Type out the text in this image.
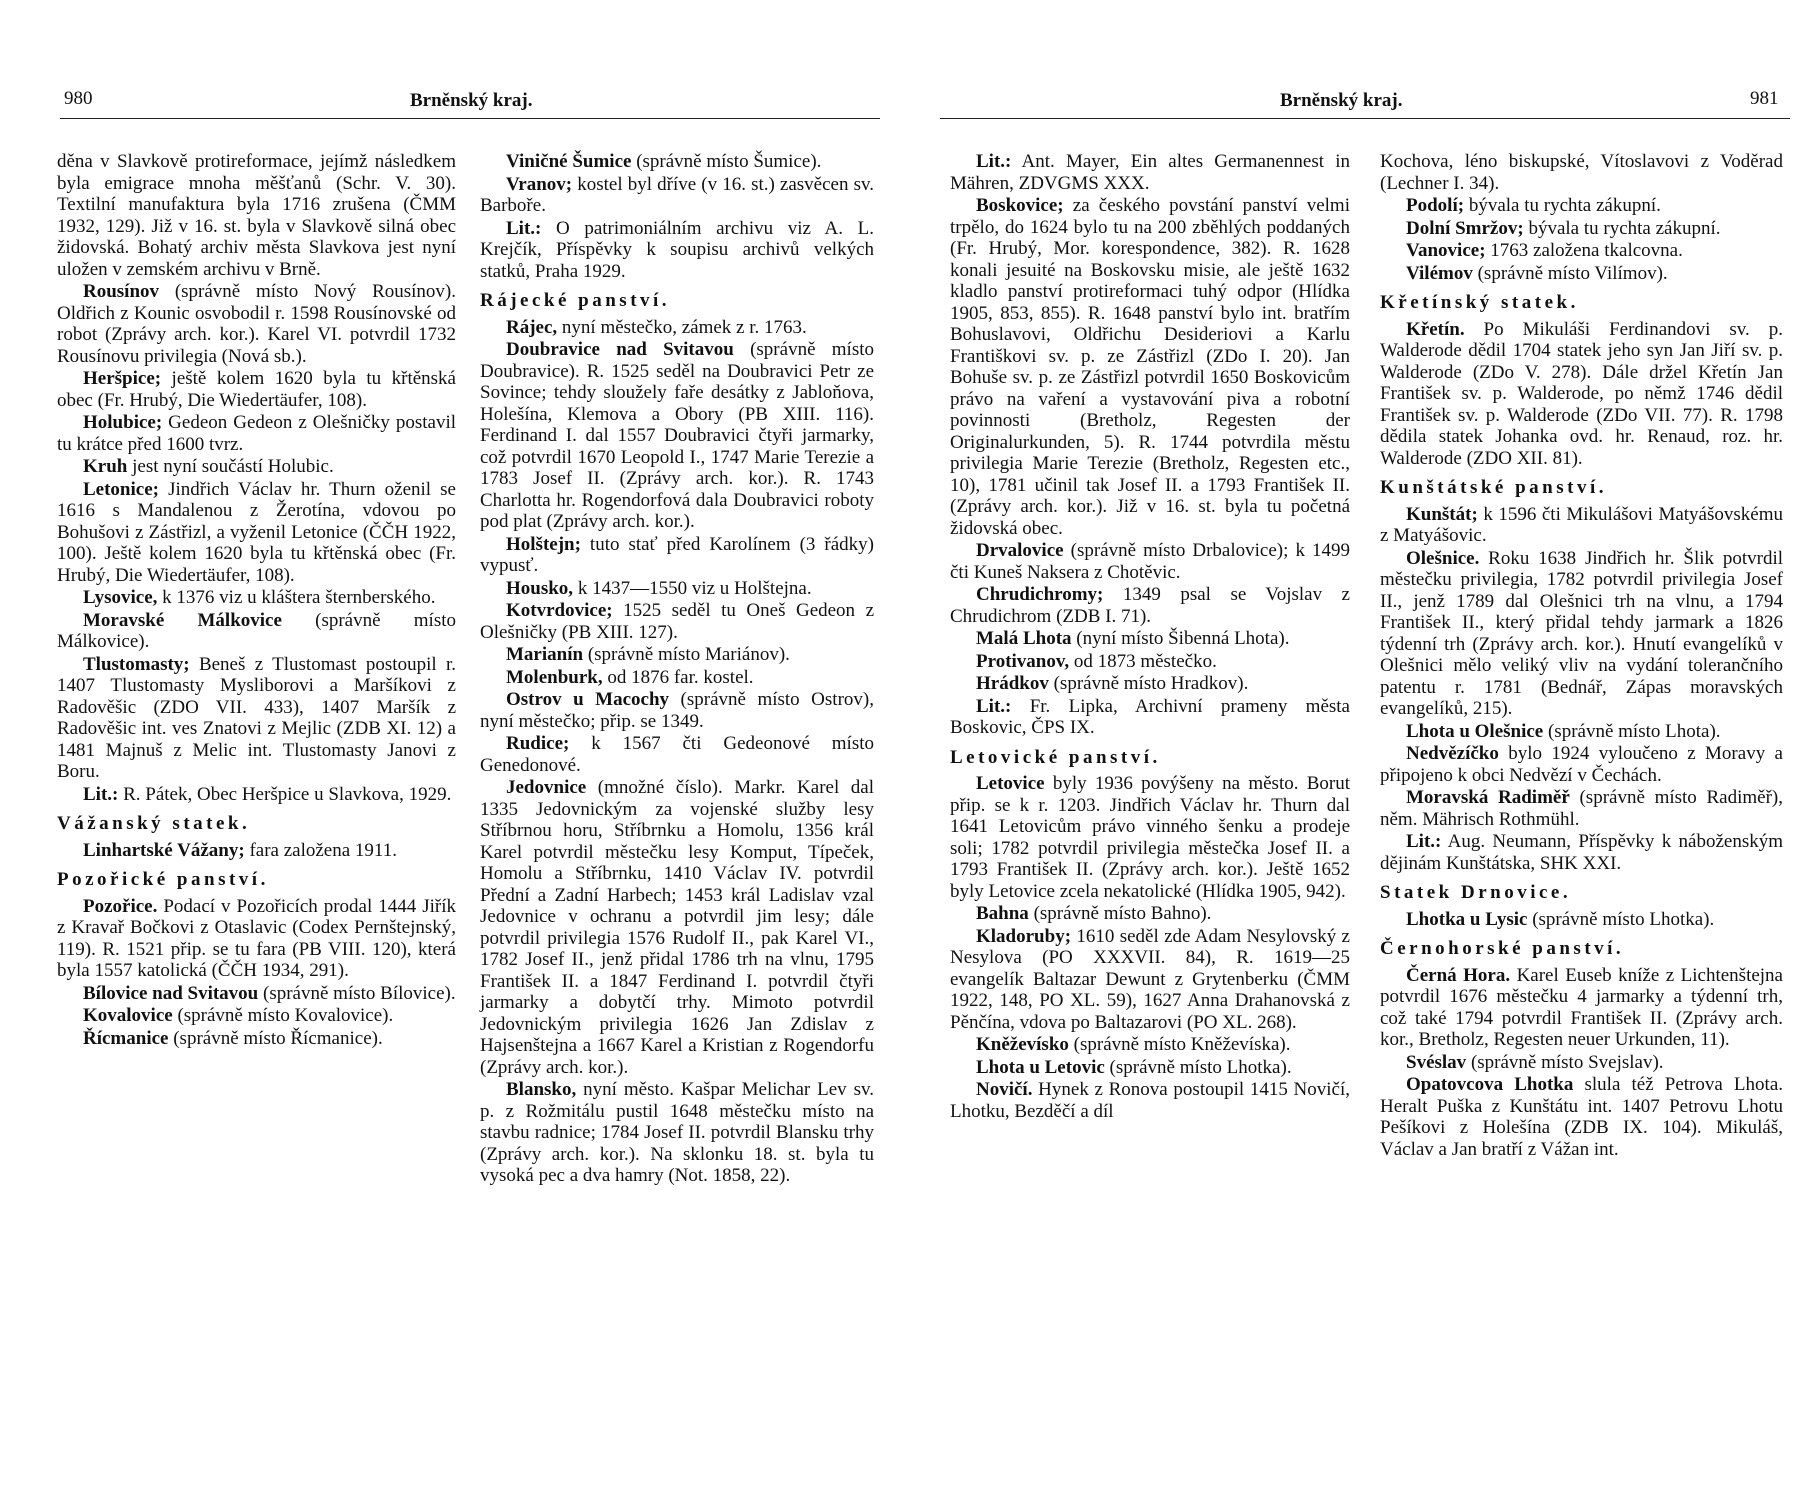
980	Brněnský kraj.

děna v Slavkově protireformace, jejímž následkem byla emigrace mnoha měšťanů (Schr. V. 30). Textilní manufaktura byla 1716 zrušena (ČMM 1932, 129). Již v 16. st. byla v Slavkově silná obec židovská. Bohatý archiv města Slavkova jest nyní uložen v zemském archivu v Brně.

Rousínov (správně místo Nový Rousínov). Oldřich z Kounic osvobodil r. 1598 Rousínovské od robot (Zprávy arch. kor.). Karel VI. potvrdil 1732 Rousínovu privilegia (Nová sb.).

Heršpice; ještě kolem 1620 byla tu křtěnská obec (Fr. Hrubý, Die Wiedertäufer, 108).

Holubice; Gedeon Gedeon z Olešničky postavil tu krátce před 1600 tvrz.

Kruh jest nyní součástí Holubic.

Letonice; Jindřich Václav hr. Thurn oženil se 1616 s Mandalenou z Žerotína, vdovou po Bohušovi z Zástřizl, a vyženil Letonice (ČČH 1922, 100). Ještě kolem 1620 byla tu křtěnská obec (Fr. Hrubý, Die Wiedertäufer, 108).

Lysovice, k 1376 viz u kláštera šternberského.

Moravské Málkovice (správně místo Málkovice).

Tlustomasty; Beneš z Tlustomast postoupil r. 1407 Tlustomasty Mysliborovi a Maršíkovi z Radověšic (ZDO VII. 433), 1407 Maršík z Radověšic int. ves Znatovi z Mejlic (ZDB XI. 12) a 1481 Majnuš z Melic int. Tlustomasty Janovi z Boru.

Lit.: R. Pátek, Obec Heršpice u Slavkova, 1929.

Vážanský statek.

Linhartské Vážany; fara založena 1911.

Pozořické panství.

Pozořice. Podací v Pozořicích prodal 1444 Jiřík z Kravař Bočkovi z Otaslavic (Codex Pernštejnský, 119). R. 1521 přip. se tu fara (PB VIII. 120), která byla 1557 katolická (ČČH 1934, 291).

Bílovice nad Svitavou (správně místo Bílovice).

Kovalovice (správně místo Kovalovice).

Řícmanice (správně místo Řícmanice).

Viničné Šumice (správně místo Šumice).

Vranov; kostel byl dříve (v 16. st.) zasvěcen sv. Barboře.

Lit.: O patrimoniálním archivu viz A. L. Krejčík, Příspěvky k soupisu archivů velkých statků, Praha 1929.

Rájecké panství.

Rájec, nyní městečko, zámek z r. 1763.

Doubravice nad Svitavou (správně místo Doubravice). R. 1525 seděl na Doubravici Petr ze Sovince; tehdy sloužely faře desátky z Jabloňova, Holešína, Klemova a Obory (PB XIII. 116). Ferdinand I. dal 1557 Doubravici čtyři jarmarky, což potvrdil 1670 Leopold I., 1747 Marie Terezie a 1783 Josef II. (Zprávy arch. kor.). R. 1743 Charlotta hr. Rogendorfová dala Doubravici roboty pod plat (Zprávy arch. kor.).

Holštejn; tuto stať před Karolínem (3 řádky) vypusť.

Housko, k 1437—1550 viz u Holštejna.

Kotvrdovice; 1525 seděl tu Oneš Gedeon z Olešničky (PB XIII. 127).

Marianín (správně místo Mariánov).

Molenburk, od 1876 far. kostel.

Ostrov u Macochy (správně místo Ostrov), nyní městečko; přip. se 1349.

Rudice; k 1567 čti Gedeonové místo Genedonové.

Jedovnice (množné číslo). Markr. Karel dal 1335 Jedovnickým za vojenské služby lesy Stříbrnou horu, Stříbrnku a Homolu, 1356 král Karel potvrdil městečku lesy Komput, Típeček, Homolu a Stříbrnku, 1410 Václav IV. potvrdil Přední a Zadní Harbech; 1453 král Ladislav vzal Jedovnice v ochranu a potvrdil jim lesy; dále potvrdil privilegia 1576 Rudolf II., pak Karel VI., 1782 Josef II., jenž přidal 1786 trh na vlnu, 1795 František II. a 1847 Ferdinand I. potvrdil čtyři jarmarky a dobytčí trhy. Mimoto potvrdil Jedovnickým privilegia 1626 Jan Zdislav z Hajsenštejna a 1667 Karel a Kristian z Rogendorfu (Zprávy arch. kor.).

Blansko, nyní město. Kašpar Melichar Lev sv. p. z Rožmitálu pustil 1648 městečku místo na stavbu radnice; 1784 Josef II. potvrdil Blansku trhy (Zprávy arch. kor.). Na sklonku 18. st. byla tu vysoká pec a dva hamry (Not. 1858, 22).

Brněnský kraj.	981

Lit.: Ant. Mayer, Ein altes Germanennest in Mähren, ZDVGMS XXX.

Boskovice; za českého povstání panství velmi trpělo, do 1624 bylo tu na 200 zběhlých poddaných (Fr. Hrubý, Mor. korespondence, 382). R. 1628 konali jesuité na Boskovsku misie, ale ještě 1632 kladlo panství protireformaci tuhý odpor (Hlídka 1905, 853, 855). R. 1648 panství bylo int. bratřím Bohuslavovi, Oldřichu Desideriovi a Karlu Františkovi sv. p. ze Zástřizl (ZDo I. 20). Jan Bohuše sv. p. ze Zástřizl potvrdil 1650 Boskovicům právo na vaření a vystavování piva a robotní povinnosti (Bretholz, Regesten der Originalurkunden, 5). R. 1744 potvrdila městu privilegia Marie Terezie (Bretholz, Regesten etc., 10), 1781 učinil tak Josef II. a 1793 František II. (Zprávy arch. kor.). Již v 16. st. byla tu početná židovská obec.

Drvalovice (správně místo Drbalovice); k 1499 čti Kuneš Naksera z Chotěvic.

Chrudichromy; 1349 psal se Vojslav z Chrudichrom (ZDB I. 71).

Malá Lhota (nyní místo Šibenná Lhota).

Protivanov, od 1873 městečko.

Hrádkov (správně místo Hradkov).

Lit.: Fr. Lipka, Archivní prameny města Boskovic, ČPS IX.

Letovické panství.

Letovice byly 1936 povýšeny na město. Borut přip. se k r. 1203. Jindřich Václav hr. Thurn dal 1641 Letovicům právo vinného šenku a prodeje soli; 1782 potvrdil privilegia městečka Josef II. a 1793 František II. (Zprávy arch. kor.). Ještě 1652 byly Letovice zcela nekatolické (Hlídka 1905, 942).

Bahna (správně místo Bahno).

Kladoruby; 1610 seděl zde Adam Nesylovský z Nesylova (PO XXXVII. 84), R. 1619—25 evangelík Baltazar Dewunt z Grytenberku (ČMM 1922, 148, PO XL. 59), 1627 Anna Drahanovská z Pěnčína, vdova po Baltazarovi (PO XL. 268).

Kněževísko (správně místo Kněževíska).

Lhota u Letovic (správně místo Lhotka).

Novičí. Hynek z Ronova postoupil 1415 Novičí, Lhotku, Bezděčí a díl

Kochova, léno biskupské, Vítoslavovi z Voděrad (Lechner I. 34).

Podolí; bývala tu rychta zákupní.

Dolní Smržov; bývala tu rychta zákupní.

Vanovice; 1763 založena tkalcovna.

Vilémov (správně místo Vilímov).

Křetínský statek.

Křetín. Po Mikuláši Ferdinandovi sv. p. Walderode dědil 1704 statek jeho syn Jan Jiří sv. p. Walderode (ZDo V. 278). Dále držel Křetín Jan František sv. p. Walderode, po němž 1746 dědil František sv. p. Walderode (ZDo VII. 77). R. 1798 dědila statek Johanka ovd. hr. Renaud, roz. hr. Walderode (ZDO XII. 81).

Kunštátské panství.

Kunštát; k 1596 čti Mikulášovi Matyášovskému z Matyášovic.

Olešnice. Roku 1638 Jindřich hr. Šlik potvrdil městečku privilegia, 1782 potvrdil privilegia Josef II., jenž 1789 dal Olešnici trh na vlnu, a 1794 František II., který přidal tehdy jarmark a 1826 týdenní trh (Zprávy arch. kor.). Hnutí evangelíků v Olešnici mělo veliký vliv na vydání tolerančního patentu r. 1781 (Bednář, Zápas moravských evangelíků, 215).

Lhota u Olešnice (správně místo Lhota).

Nedvězíčko bylo 1924 vyloučeno z Moravy a připojeno k obci Nedvězí v Čechách.

Moravská Radiměř (správně místo Radiměř), něm. Mährisch Rothmühl.

Lit.: Aug. Neumann, Příspěvky k náboženským dějinám Kunštátska, SHK XXI.

Statek Drnovice.

Lhotka u Lysic (správně místo Lhotka).

Černohorské panství.

Černá Hora. Karel Euseb kníže z Lichtenštejna potvrdil 1676 městečku 4 jarmarky a týdenní trh, což také 1794 potvrdil František II. (Zprávy arch. kor., Bretholz, Regesten neuer Urkunden, 11).

Svéslav (správně místo Svejslav).

Opatovcova Lhotka slula též Petrova Lhota. Heralt Puška z Kunštátu int. 1407 Petrovu Lhotu Pešíkovi z Holešína (ZDB IX. 104). Mikuláš, Václav a Jan bratří z Vážan int.
